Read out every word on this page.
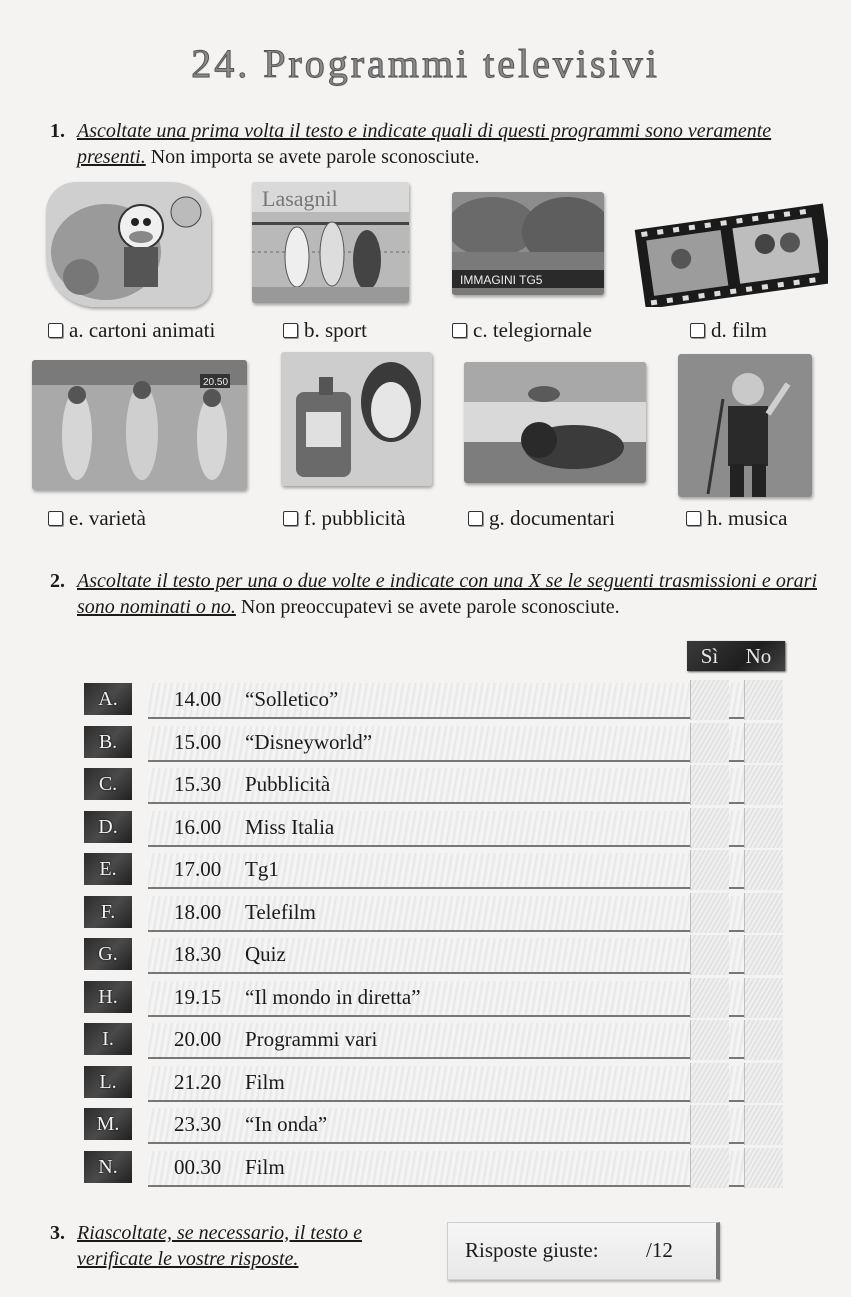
24. Programmi televisivi
1. Ascoltate una prima volta il testo e indicate quali di questi programmi sono veramente presenti. Non importa se avete parole sconosciute.
Lasagnil
IMMAGINI TG5
a. cartoni animati	b. sport	c. telegiornale	d. film
20.50
e. varietà	f. pubblicità	g. documentari	h. musica
2. Ascoltate il testo per una o due volte e indicate con una X se le seguenti trasmissioni e orari sono nominati o no. Non preoccupatevi se avete parole sconosciute.
Sì No
A.	14.00 “Solletico”
B.	15.00 “Disneyworld”
C.	15.30 Pubblicità
D.	16.00 Miss Italia
E.	17.00 Tg1
F.	18.00 Telefilm
G.	18.30 Quiz
H.	19.15 “Il mondo in diretta”
I.	20.00 Programmi vari
L.	21.20 Film
M.	23.30 “In onda”
N.	00.30 Film
3. Riascoltate, se necessario, il testo e verificate le vostre risposte.	Risposte giuste: /12
